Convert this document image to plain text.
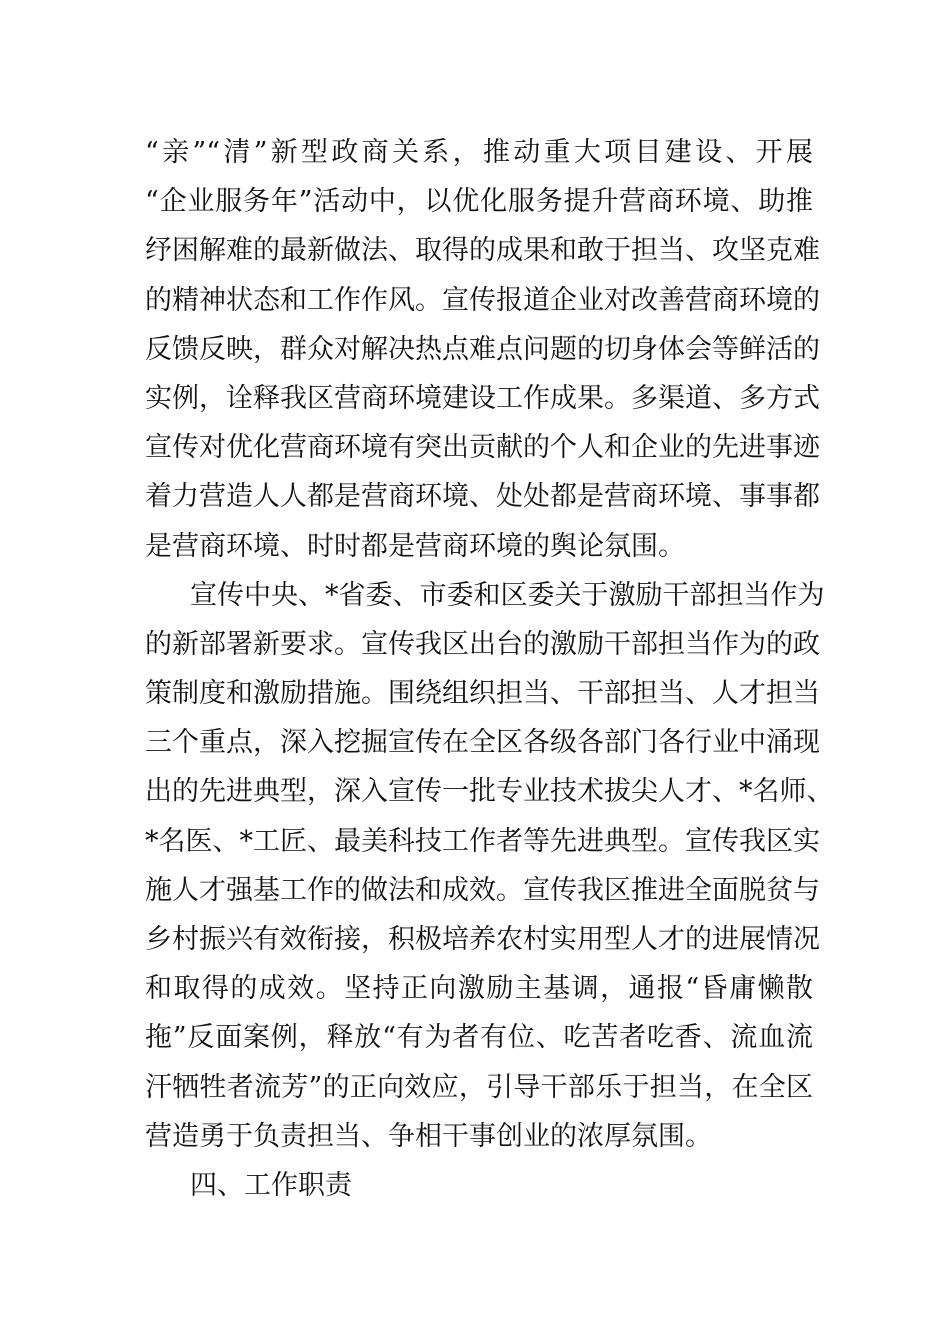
“亲”“清”新型政商关系，推动重大项目建设、开展
“企业服务年”活动中，以优化服务提升营商环境、助推
纾困解难的最新做法、取得的成果和敢于担当、攻坚克难
的精神状态和工作作风。宣传报道企业对改善营商环境的
反馈反映，群众对解决热点难点问题的切身体会等鲜活的
实例，诠释我区营商环境建设工作成果。多渠道、多方式
宣传对优化营商环境有突出贡献的个人和企业的先进事迹
着力营造人人都是营商环境、处处都是营商环境、事事都
是营商环境、时时都是营商环境的舆论氛围。
宣传中央、*省委、市委和区委关于激励干部担当作为
的新部署新要求。宣传我区出台的激励干部担当作为的政
策制度和激励措施。围绕组织担当、干部担当、人才担当
三个重点，深入挖掘宣传在全区各级各部门各行业中涌现
出的先进典型，深入宣传一批专业技术拔尖人才、*名师、
*名医、*工匠、最美科技工作者等先进典型。宣传我区实
施人才强基工作的做法和成效。宣传我区推进全面脱贫与
乡村振兴有效衔接，积极培养农村实用型人才的进展情况
和取得的成效。坚持正向激励主基调，通报“昏庸懒散
拖”反面案例，释放“有为者有位、吃苦者吃香、流血流
汗牺牲者流芳”的正向效应，引导干部乐于担当，在全区
营造勇于负责担当、争相干事创业的浓厚氛围。
四、工作职责
